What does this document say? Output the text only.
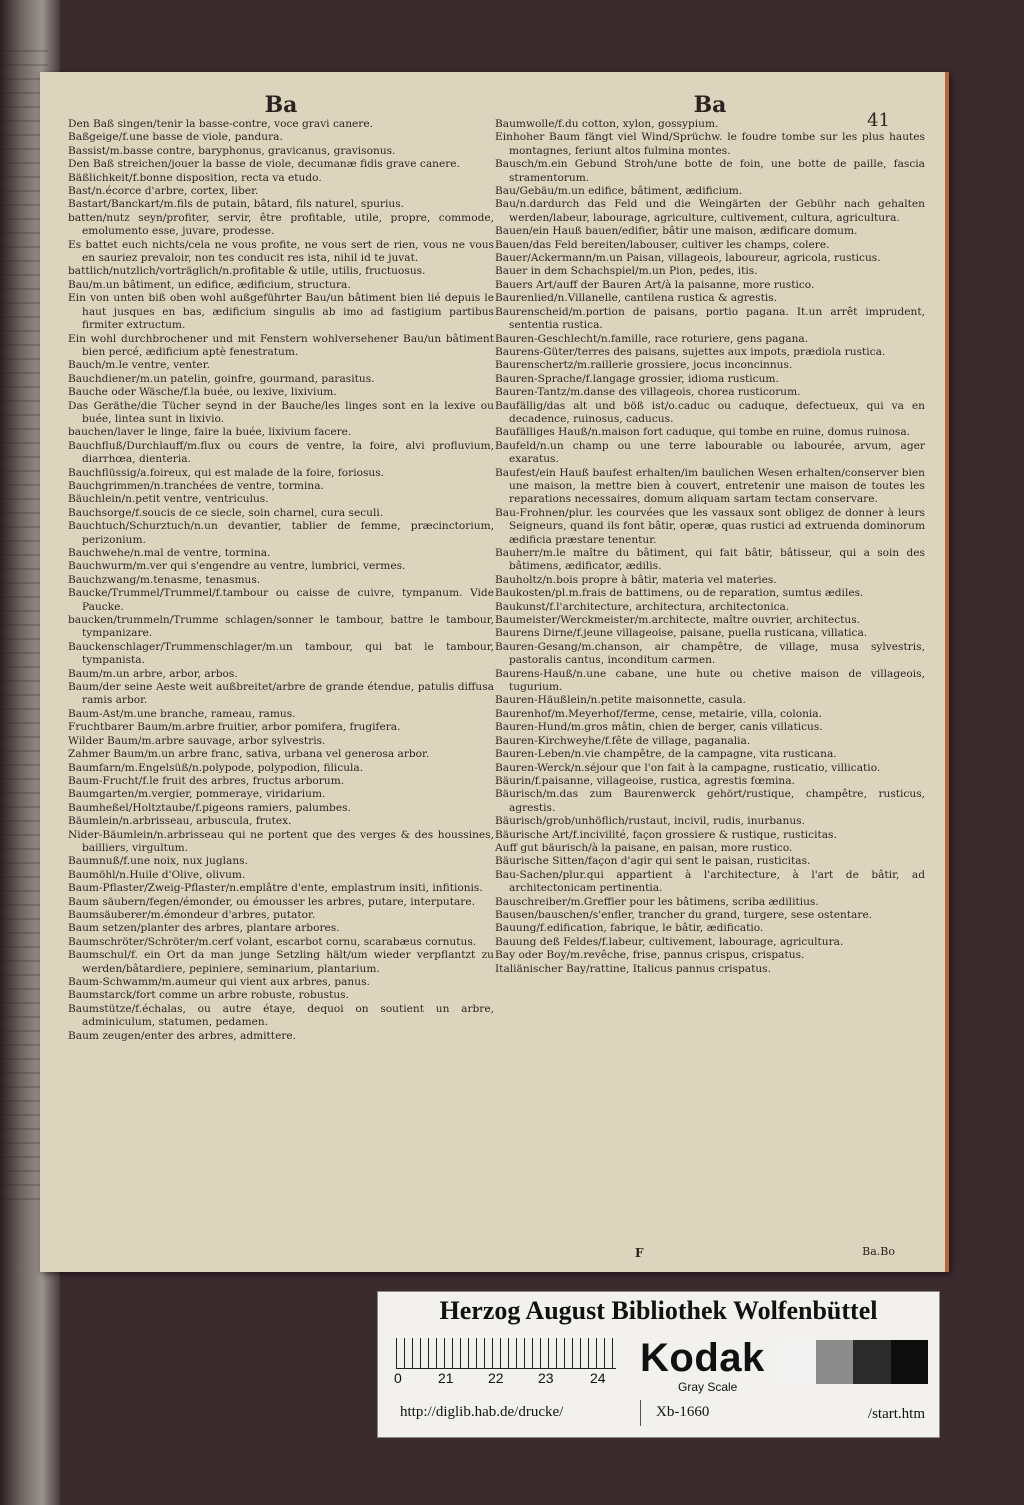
Ba

Den Baß singen/tenir la basse-contre, voce gravi canere.

Baßgeige/f.une basse de viole, pandura.

Bassist/m.basse contre, baryphonus, gravicanus, gravisonus.

Den Baß streichen/jouer la basse de viole, decumanæ fidis grave canere.

Bäßlichkeit/f.bonne disposition, recta va etudo.

Bast/n.écorce d'arbre, cortex, liber.

Bastart/Banckart/m.fils de putain, bâtard, fils naturel, spurius.

batten/nutz seyn/profiter, servir, être profitable, utile, propre, commode, emolumento esse, juvare, prodesse.

Es battet euch nichts/cela ne vous profite, ne vous sert de rien, vous ne vous en sauriez prevaloir, non tes conducit res ista, nihil id te juvat.

battlich/nutzlich/vorträglich/n.profitable & utile, utilis, fructuosus.

Bau/m.un bâtiment, un edifice, ædificium, structura.

Ein von unten biß oben wohl außgeführter Bau/un bâtiment bien lié depuis le haut jusques en bas, ædificium singulis ab imo ad fastigium partibus firmiter extructum.

Ein wohl durchbrochener und mit Fenstern wohlversehener Bau/un bâtiment bien percé, ædificium aptè fenestratum.

Bauch/m.le ventre, venter.

Bauchdiener/m.un patelin, goinfre, gourmand, parasitus.

Bauche oder Wäsche/f.la buée, ou lexive, lixivium.

Das Geräthe/die Tücher seynd in der Bauche/les linges sont en la lexive ou buée, lintea sunt in lixivio.

bauchen/laver le linge, faire la buée, lixivium facere.

Bauchfluß/Durchlauff/m.flux ou cours de ventre, la foire, alvi profluvium, diarrhœa, dienteria.

Bauchflüssig/a.foireux, qui est malade de la foire, foriosus.

Bauchgrimmen/n.tranchées de ventre, tormina.

Bäuchlein/n.petit ventre, ventriculus.

Bauchsorge/f.soucis de ce siecle, soin charnel, cura seculi.

Bauchtuch/Schurztuch/n.un devantier, tablier de femme, præcinctorium, perizonium.

Bauchwehe/n.mal de ventre, tormina.

Bauchwurm/m.ver qui s'engendre au ventre, lumbrici, vermes.

Bauchzwang/m.tenasme, tenasmus.

Baucke/Trummel/Trummel/f.tambour ou caisse de cuivre, tympanum. Vide Paucke.

baucken/trummeln/Trumme schlagen/sonner le tambour, battre le tambour, tympanizare.

Bauckenschlager/Trummenschlager/m.un tambour, qui bat le tambour, tympanista.

Baum/m.un arbre, arbor, arbos.

Baum/der seine Aeste weit außbreitet/arbre de grande étendue, patulis diffusa ramis arbor.

Baum-Ast/m.une branche, rameau, ramus.

Fruchtbarer Baum/m.arbre fruitier, arbor pomifera, frugifera.

Wilder Baum/m.arbre sauvage, arbor sylvestris.

Zahmer Baum/m.un arbre franc, sativa, urbana vel generosa arbor.

Baumfarn/m.Engelsüß/n.polypode, polypodion, filicula.

Baum-Frucht/f.le fruit des arbres, fructus arborum.

Baumgarten/m.vergier, pommeraye, viridarium.

Baumheßel/Holtztaube/f.pigeons ramiers, palumbes.

Bäumlein/n.arbrisseau, arbuscula, frutex.

Nider-Bäumlein/n.arbrisseau qui ne portent que des verges & des houssines, bailliers, virgultum.

Baumnuß/f.une noix, nux juglans.

Baumöhl/n.Huile d'Olive, olivum.

Baum-Pflaster/Zweig-Pflaster/n.emplâtre d'ente, emplastrum insiti, infitionis.

Baum säubern/fegen/émonder, ou émousser les arbres, putare, interputare.

Baumsäuberer/m.émondeur d'arbres, putator.

Baum setzen/planter des arbres, plantare arbores.

Baumschröter/Schröter/m.cerf volant, escarbot cornu, scarabæus cornutus.

Baumschul/f. ein Ort da man junge Setzling hält/um wieder verpflantzt zu werden/bâtardiere, pepiniere, seminarium, plantarium.

Baum-Schwamm/m.aumeur qui vient aux arbres, panus.

Baumstarck/fort comme un arbre robuste, robustus.

Baumstütze/f.échalas, ou autre étaye, dequoi on soutient un arbre, adminiculum, statumen, pedamen.

Baum zeugen/enter des arbres, admittere.

Ba

Baumwolle/f.du cotton, xylon, gossypium.

Einhoher Baum fängt viel Wind/Sprüchw. le foudre tombe sur les plus hautes montagnes, feriunt altos fulmina montes.

Bausch/m.ein Gebund Stroh/une botte de foin, une botte de paille, fascia stramentorum.

Bau/Gebäu/m.un edifice, bâtiment, ædificium.

Bau/n.dardurch das Feld und die Weingärten der Gebühr nach gehalten werden/labeur, labourage, agriculture, cultivement, cultura, agricultura.

Bauen/ein Hauß bauen/edifier, bâtir une maison, ædificare domum.

Bauen/das Feld bereiten/labouser, cultiver les champs, colere.

Bauer/Ackermann/m.un Paisan, villageois, laboureur, agricola, rusticus.

Bauer in dem Schachspiel/m.un Pion, pedes, itis.

Bauers Art/auff der Bauren Art/à la paisanne, more rustico.

Baurenlied/n.Villanelle, cantilena rustica & agrestis.

Baurenscheid/m.portion de paisans, portio pagana. It.un arrêt imprudent, sententia rustica.

Bauren-Geschlecht/n.famille, race roturiere, gens pagana.

Baurens-Güter/terres des paisans, sujettes aux impots, prædiola rustica.

Baurenschertz/m.raillerie grossiere, jocus inconcinnus.

Bauren-Sprache/f.langage grossier, idioma rusticum.

Bauren-Tantz/m.danse des villageois, chorea rusticorum.

Baufällig/das alt und böß ist/o.caduc ou caduque, defectueux, qui va en decadence, ruinosus, caducus.

Baufälliges Hauß/n.maison fort caduque, qui tombe en ruine, domus ruinosa.

Baufeld/n.un champ ou une terre labourable ou labourée, arvum, ager exaratus.

Baufest/ein Hauß baufest erhalten/im baulichen Wesen erhalten/conserver bien une maison, la mettre bien à couvert, entretenir une maison de toutes les reparations necessaires, domum aliquam sartam tectam conservare.

Bau-Frohnen/plur. les courvées que les vassaux sont obligez de donner à leurs Seigneurs, quand ils font bâtir, operæ, quas rustici ad extruenda dominorum ædificia præstare tenentur.

Bauherr/m.le maître du bâtiment, qui fait bâtir, bâtisseur, qui a soin des bâtimens, ædificator, ædilis.

Bauholtz/n.bois propre à bâtir, materia vel materies.

Baukosten/pl.m.frais de battimens, ou de reparation, sumtus ædiles.

Baukunst/f.l'architecture, architectura, architectonica.

Baumeister/Werckmeister/m.architecte, maître ouvrier, architectus.

Baurens Dirne/f.jeune villageoise, paisane, puella rusticana, villatica.

Bauren-Gesang/m.chanson, air champêtre, de village, musa sylvestris, pastoralis cantus, inconditum carmen.

Baurens-Hauß/n.une cabane, une hute ou chetive maison de villageois, tugurium.

Bauren-Häußlein/n.petite maisonnette, casula.

Baurenhof/m.Meyerhof/ferme, cense, metairie, villa, colonia.

Bauren-Hund/m.gros mâtin, chien de berger, canis villaticus.

Bauren-Kirchweyhe/f.fête de village, paganalia.

Bauren-Leben/n.vie champêtre, de la campagne, vita rusticana.

Bauren-Werck/n.séjour que l'on fait à la campagne, rusticatio, villicatio.

Bäurin/f.paisanne, villageoise, rustica, agrestis fœmina.

Bäurisch/m.das zum Baurenwerck gehört/rustique, champêtre, rusticus, agrestis.

Bäurisch/grob/unhöflich/rustaut, incivil, rudis, inurbanus.

Bäurische Art/f.incivilité, façon grossiere & rustique, rusticitas.

Auff gut bäurisch/à la paisane, en paisan, more rustico.

Bäurische Sitten/façon d'agir qui sent le paisan, rusticitas.

Bau-Sachen/plur.qui appartient à l'architecture, à l'art de bâtir, ad architectonicam pertinentia.

Bauschreiber/m.Greffier pour les bâtimens, scriba ædilitius.

Bausen/bauschen/s'enfler, trancher du grand, turgere, sese ostentare.

Bauung/f.edification, fabrique, le bâtir, ædificatio.

Bauung deß Feldes/f.labeur, cultivement, labourage, agricultura.

Bay oder Boy/m.revêche, frise, pannus crispus, crispatus.

Italiänischer Bay/rattine, Italicus pannus crispatus.

41
F	Ba.Bo
Herzog August Bibliothek Wolfenbüttel
0	21 22 23	24 Kodak
Gray Scale
http://diglib.hab.de/drucke/	Xb-1660	/start.htm
